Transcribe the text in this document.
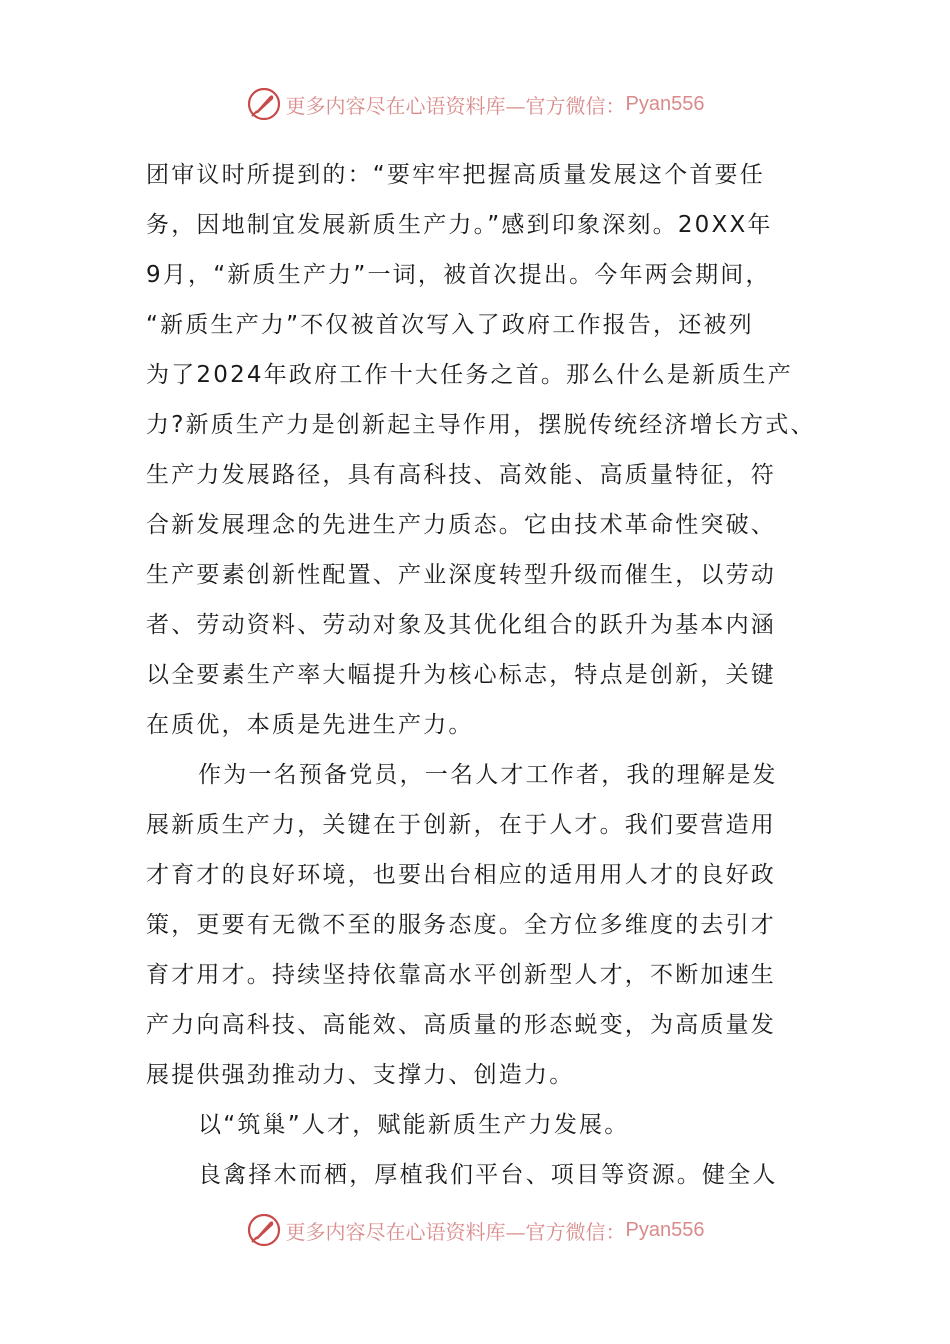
更多内容尽在心语资料库—官方微信： Pyan556
团审议时所提到的：“要牢牢把握高质量发展这个首要任
务，因地制宜发展新质生产力。”感到印象深刻。20XX年
9月，“新质生产力”一词，被首次提出。今年两会期间，
“新质生产力”不仅被首次写入了政府工作报告，还被列
为了2024年政府工作十大任务之首。那么什么是新质生产
力?新质生产力是创新起主导作用，摆脱传统经济增长方式、
生产力发展路径，具有高科技、高效能、高质量特征，符
合新发展理念的先进生产力质态。它由技术革命性突破、
生产要素创新性配置、产业深度转型升级而催生，以劳动
者、劳动资料、劳动对象及其优化组合的跃升为基本内涵
以全要素生产率大幅提升为核心标志，特点是创新，关键
在质优，本质是先进生产力。
作为一名预备党员，一名人才工作者，我的理解是发
展新质生产力，关键在于创新，在于人才。我们要营造用
才育才的良好环境，也要出台相应的适用用人才的良好政
策，更要有无微不至的服务态度。全方位多维度的去引才
育才用才。持续坚持依靠高水平创新型人才，不断加速生
产力向高科技、高能效、高质量的形态蜕变，为高质量发
展提供强劲推动力、支撑力、创造力。
以“筑巢”人才，赋能新质生产力发展。
良禽择木而栖，厚植我们平台、项目等资源。健全人
更多内容尽在心语资料库—官方微信： Pyan556
